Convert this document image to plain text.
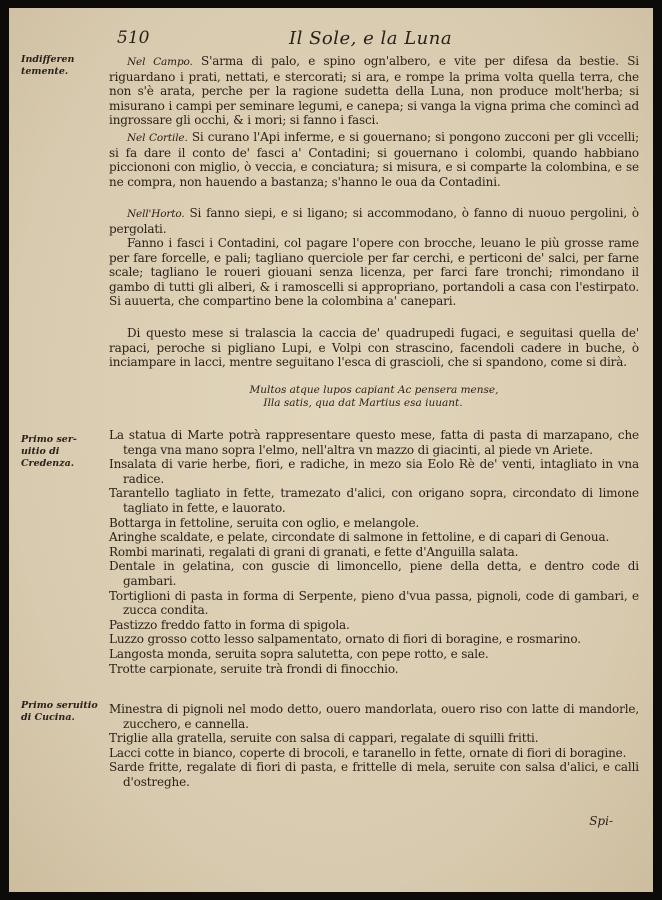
510	Il Sole, e la Luna
Indifferen temente.
Primo ser- uitio di Credenza.
Primo seruitio di Cucina.

Nel Campo. S'arma di palo, e spino ogn'albero, e vite per difesa da bestie. Si riguardano i prati, nettati, e stercorati; si ara, e rompe la prima volta quella terra, che non s'è arata, perche per la ragione sudetta della Luna, non produce molt'herba; si misurano i campi per seminare legumi, e canepa; si vanga la vigna prima che comincì ad ingrossare gli occhi, & i mori; si fanno i fasci.

Nel Cortile. Si curano l'Api inferme, e si gouernano; si pongono zucconi per gli vccelli; si fa dare il conto de' fasci a' Contadini; si gouernano i colombi, quando habbiano picciononi con miglio, ò veccia, e conciatura; si misura, e si comparte la colombina, e se ne compra, non hauendo a bastanza; s'hanno le oua da Contadini.

Nell'Horto. Si fanno siepi, e si ligano; si accommodano, ò fanno di nuouo pergolini, ò pergolati.

Fanno i fasci i Contadini, col pagare l'opere con brocche, leuano le più grosse rame per fare forcelle, e pali; tagliano querciole per far cerchi, e perticoni de' salci, per farne scale; tagliano le roueri giouani senza licenza, per farci fare tronchi; rimondano il gambo di tutti gli alberi, & i ramoscelli si appropriano, portandoli a casa con l'estirpato. Si auuerta, che compartino bene la colombina a' canepari.

Di questo mese si tralascia la caccia de' quadrupedi fugaci, e seguitasi quella de' rapaci, peroche si pigliano Lupi, e Volpi con strascino, facendoli cadere in buche, ò inciampare in lacci, mentre seguitano l'esca di grascioli, che si spandono, come si dirà.

Multos atque lupos capiant Ac pensera mense,
Illa satis, qua dat Martius esa iuuant.
La statua di Marte potrà rappresentare questo mese, fatta di pasta di marzapano, che tenga vna mano sopra l'elmo, nell'altra vn mazzo di giacinti, al piede vn Ariete.
Insalata di varie herbe, fiori, e radiche, in mezo sia Eolo Rè de' venti, intagliato in vna radice.
Tarantello tagliato in fette, tramezato d'alici, con origano sopra, circondato di limone tagliato in fette, e lauorato.
Bottarga in fettoline, seruita con oglio, e melangole.
Aringhe scaldate, e pelate, circondate di salmone in fettoline, e di capari di Genoua.
Rombi marinati, regalati di grani di granati, e fette d'Anguilla salata.
Dentale in gelatina, con guscie di limoncello, piene della detta, e dentro code di gambari.
Tortiglioni di pasta in forma di Serpente, pieno d'vua passa, pignoli, code di gambari, e zucca condita.
Pastizzo freddo fatto in forma di spigola.
Luzzo grosso cotto lesso salpamentato, ornato di fiori di boragine, e rosmarino.
Langosta monda, seruita sopra salutetta, con pepe rotto, e sale.
Trotte carpionate, seruite trà frondi di finocchio.
Minestra di pignoli nel modo detto, ouero mandorlata, ouero riso con latte di mandorle, zucchero, e cannella.
Triglie alla gratella, seruite con salsa di cappari, regalate di squilli fritti.
Lacci cotte in bianco, coperte di brocoli, e taranello in fette, ornate di fiori di boragine.
Sarde fritte, regalate di fiori di pasta, e frittelle di mela, seruite con salsa d'alici, e calli d'ostreghe.
Spi-
